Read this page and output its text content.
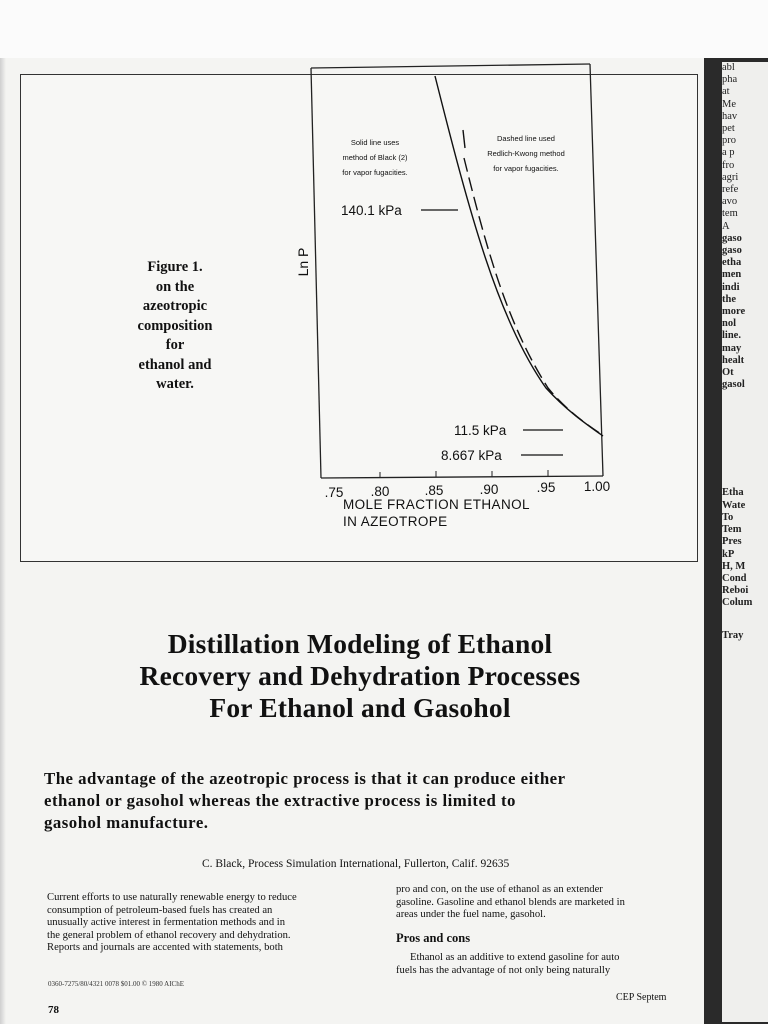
Figure 1.
on the
azeotropic
composition
for
ethanol and
water.
Ln P
Solid line uses
method of Black (2)
for vapor fugacities.
Dashed line used
Redlich-Kwong method
for vapor fugacities.
140.1 kPa
11.5 kPa
8.667 kPa
.75 .80	.85	.90	.95 1.00
MOLE FRACTION ETHANOL
IN AZEOTROPE
Distillation Modeling of Ethanol
Recovery and Dehydration Processes
For Ethanol and Gasohol
The advantage of the azeotropic process is that it can produce either
ethanol or gasohol whereas the extractive process is limited to
gasohol manufacture.
C. Black, Process Simulation International, Fullerton, Calif. 92635
Current efforts to use naturally renewable energy to reduce
consumption of petroleum-based fuels has created an
unusually active interest in fermentation methods and in
the general problem of ethanol recovery and dehydration.
Reports and journals are accented with statements, both
pro and con, on the use of ethanol as an extender
gasoline. Gasoline and ethanol blends are marketed in
areas under the fuel name, gasohol.
Pros and cons
Ethanol as an additive to extend gasoline for auto
fuels has the advantage of not only being naturally
0360-7275/80/4321 0078 $01.00 © 1980 AIChE
78
CEP Septem
abl
pha
at
Me
hav
pet
pro
a p
fro
agri
refe
avo
tem
A
gaso
gaso
etha
men
indi
the
more
nol
line.
may
healt
Ot
gasol
Etha
Wate
To
Tem
Pres
kP
H, M
Cond
Reboi
Colum
Tray
